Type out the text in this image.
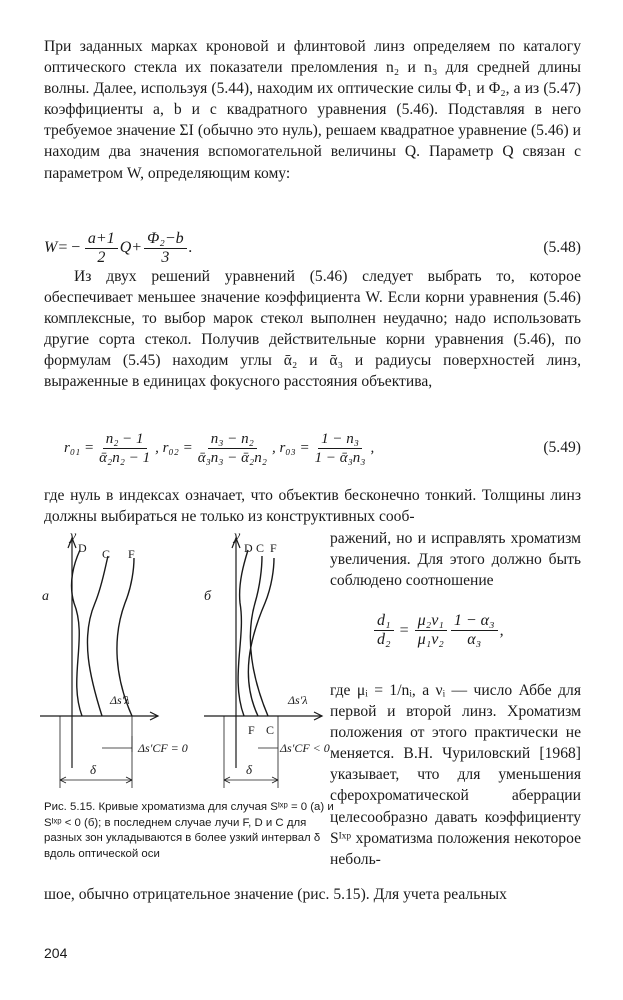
При заданных марках кроновой и флинтовой линз определяем по каталогу оптического стекла их показатели преломления n₂ и n₃ для средней длины волны. Далее, используя (5.44), находим их оптические силы Φ₁ и Φ₂, а из (5.47) коэффициенты a, b и c квадратного уравнения (5.46). Подставляя в него требуемое значение ΣI (обычно это нуль), решаем квадратное уравнение (5.46) и находим два значения вспомогательной величины Q. Параметр Q связан с параметром W, определяющим кому:

$W= - \frac{a+1}{2} Q+ \frac{\text{Φ₂−b}}{3}$ .	(5.48)

Из двух решений уравнений (5.46) следует выбрать то, которое обеспечивает меньшее значение коэффициента W. Если корни уравнения (5.46) комплексные, то выбор марок стекол выполнен неудачно; надо использовать другие сорта стекол. Получив действительные корни уравнения (5.46), по формулам (5.45) находим углы ᾱ₂ и ᾱ₃ и радиусы поверхностей линз, выраженные в единицах фокусного расстояния объектива,

$r_{01} = \frac{\text{n₂ − 1}}{\text{ᾱ₂n₂ − 1}}$ , $r_{02} = \frac{\text{n₃ − n₂}}{\text{ᾱ₃n₃ − ᾱ₂n₂}}$ , $r_{03} = \frac{\text{1 − n₃}}{\text{1 − ᾱ₃n₃}}$ ,	(5.49)

где нуль в индексах означает, что объектив бесконечно тонкий. Толщины линз должны выбираться не только из конструктивных сооб-

ражений, но и исправлять хроматизм увеличения. Для этого должно быть соблюдено соотношение

$\frac{\text{d₁}}{\text{d₂}} = \frac{\text{μ₂ν₁}}{\text{μ₁ν₂}} \frac{\text{1 − α₃}}{\text{α₃}}$ ,

где μᵢ = 1/nᵢ, а νᵢ — число Аббе для первой и второй линз. Хроматизм положения от этого практически не меняется. В.Н. Чуриловский [1968] указывает, что для уменьшения сферохроматической аберрации целесообразно давать коэффициенту Sᴵˣᵖ хроматизма положения некоторое неболь-

y
D C F
а
Δs′λ
Δs′CF = 0
δ
y
D C F
F C
б
Δs′λ
Δs′CF < 0
δ
Рис. 5.15. Кривые хроматизма для случая Sᴵˣᵖ = 0 (а) и Sᴵˣᵖ < 0 (б); в последнем случае лучи F, D и C для разных зон укладываются в более узкий интервал δ вдоль оптической оси

шое, обычно отрицательное значение (рис. 5.15). Для учета реальных

204
